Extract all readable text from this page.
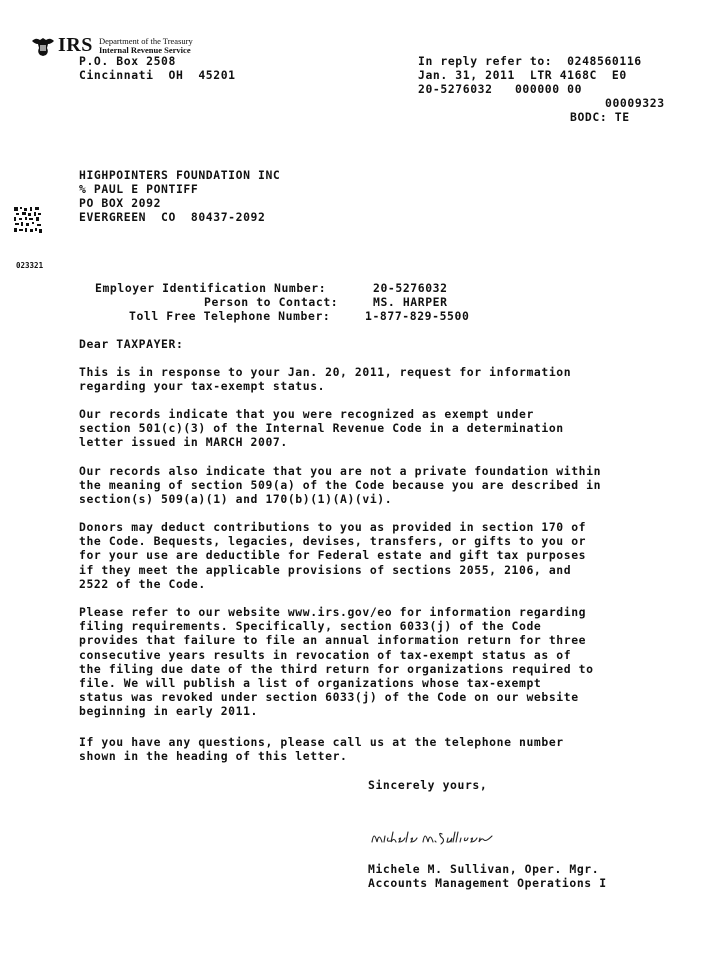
IRS Department of the Treasury
Internal Revenue Service
P.O. Box 2508
Cincinnati  OH  45201
In reply refer to:  0248560116
Jan. 31, 2011  LTR 4168C  E0
20-5276032   000000 00
00009323
BODC: TE
HIGHPOINTERS FOUNDATION INC
% PAUL E PONTIFF
PO BOX 2092
EVERGREEN  CO  80437-2092
023321
Employer Identification Number:	20-5276032
Person to Contact:	MS. HARPER
Toll Free Telephone Number:	1-877-829-5500
Dear TAXPAYER:
This is in response to your Jan. 20, 2011, request for information
regarding your tax-exempt status.
Our records indicate that you were recognized as exempt under
section 501(c)(3) of the Internal Revenue Code in a determination
letter issued in MARCH 2007.
Our records also indicate that you are not a private foundation within
the meaning of section 509(a) of the Code because you are described in
section(s) 509(a)(1) and 170(b)(1)(A)(vi).
Donors may deduct contributions to you as provided in section 170 of
the Code. Bequests, legacies, devises, transfers, or gifts to you or
for your use are deductible for Federal estate and gift tax purposes
if they meet the applicable provisions of sections 2055, 2106, and
2522 of the Code.
Please refer to our website www.irs.gov/eo for information regarding
filing requirements. Specifically, section 6033(j) of the Code
provides that failure to file an annual information return for three
consecutive years results in revocation of tax-exempt status as of
the filing due date of the third return for organizations required to
file. We will publish a list of organizations whose tax-exempt
status was revoked under section 6033(j) of the Code on our website
beginning in early 2011.
If you have any questions, please call us at the telephone number
shown in the heading of this letter.
Sincerely yours,
Michele M. Sullivan, Oper. Mgr.
Accounts Management Operations I
